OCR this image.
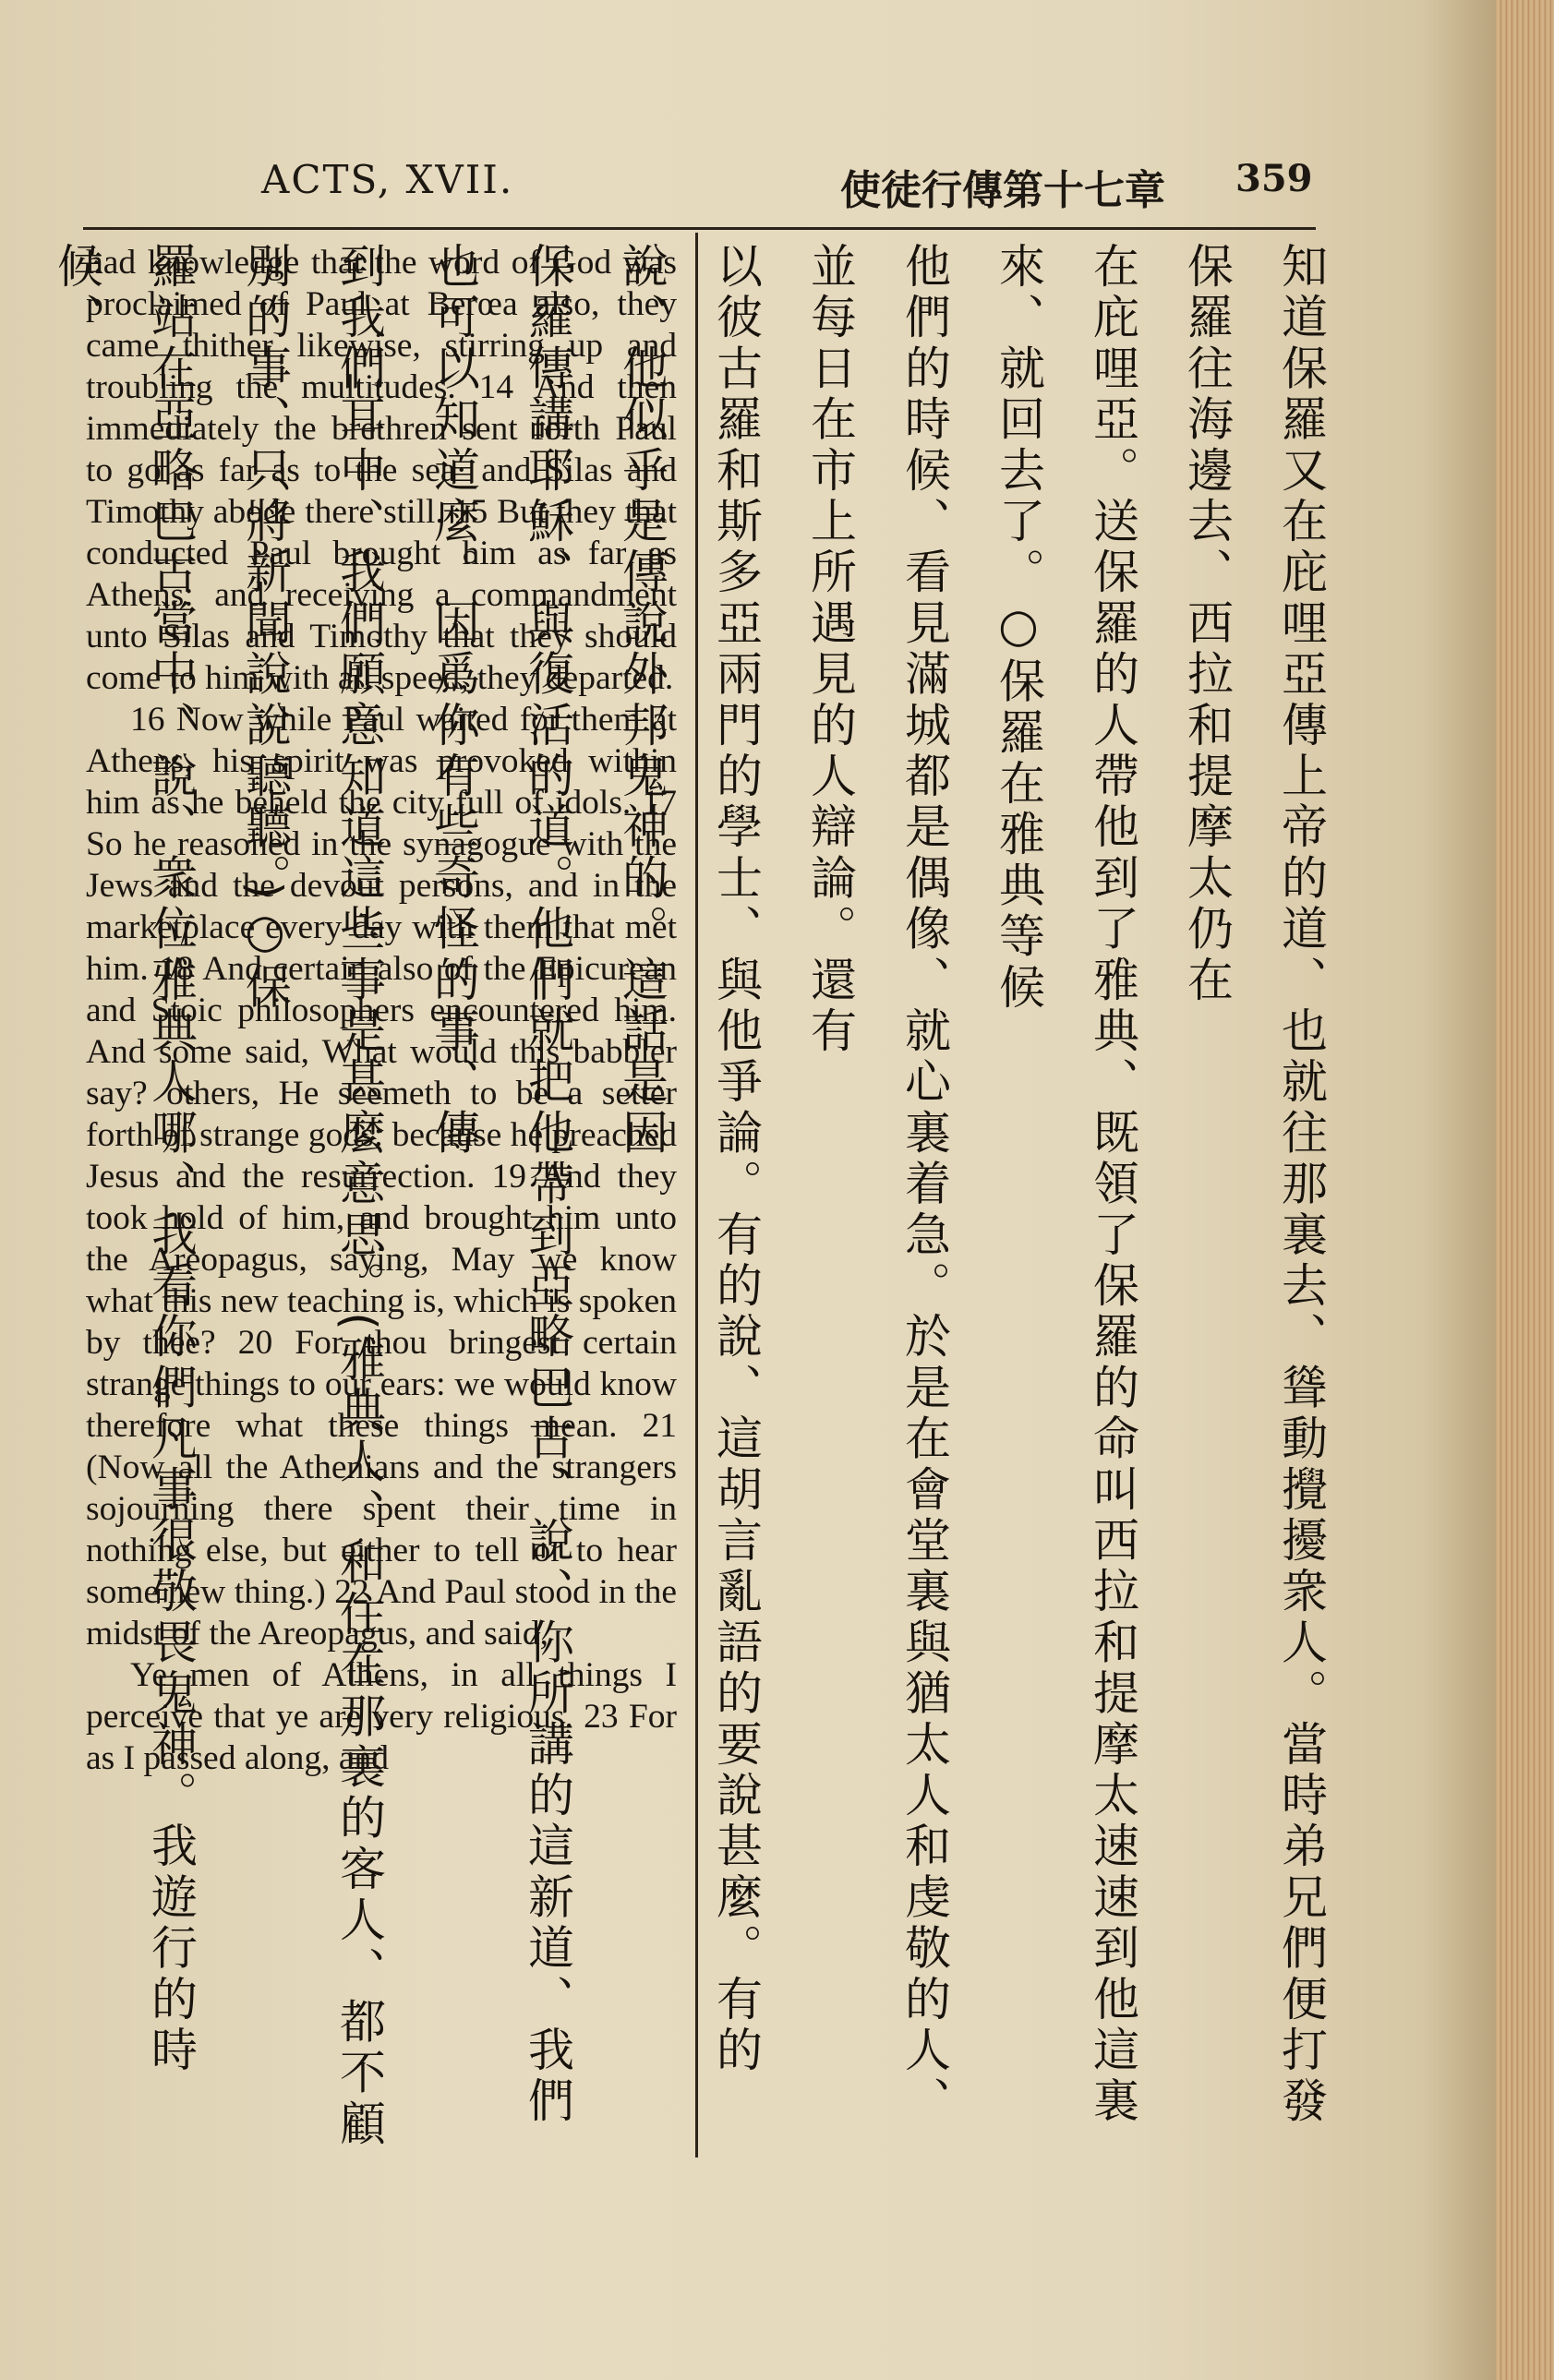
ACTS, XVII.	使徒行傳第十七章 359

had knowledge that the word of God was proclaimed of Paul at Berœa also, they came thither likewise, stirring up and troubling the multitudes. 14 And then immediately the brethren sent forth Paul to go as far as to the sea· and Silas and Timothy abode there still. 15 But they that conducted Paul brought him as far as Athens: and receiving a commandment unto Silas and Timothy that they should come to him with all speed, they departed.

16 Now while Paul waited for them at Athens, his spirit was provoked within him as he beheld the city full of idols. 17 So he reasoned in the synagogue with the Jews and the devout persons, and in the marketplace every day with them that met him. 18 And certain also of the Epicurean and Stoic philosophers encountered him. And some said, What would this babbler say? others, He seemeth to be a setter forth of strange gods: because he preached Jesus and the resurrection. 19 And they took hold of him, and brought him unto the Areopagus, saying, May we know what this new teaching is, which is spoken by thee? 20 For thou bringest certain strange things to our ears: we would know therefore what these things mean. 21 (Now all the Athenians and the strangers sojourning there spent their time in nothing else, but either to tell or to hear some new thing.) 22 And Paul stood in the midst of the Areopagus, and said,

Ye men of Athens, in all things I perceive that ye are very religious. 23 For as I passed along, and	知道保羅又在庇哩亞傳上帝的道、也就往那裏去、聳動攪擾衆人。當時弟兄們便打發保羅往海邊去、西拉和提摩太仍在
在庇哩亞。送保羅的人帶他到了雅典、既領了保羅的命叫西拉和提摩太速速到他這裏來、就回去了。○保羅在雅典等候
他們的時候、看見滿城都是偶像、就心裏着急。於是在會堂裏與猶太人和虔敬的人、並每日在市上所遇見的人辯論。還有
以彼古羅和斯多亞兩門的學士、與他爭論。有的說、這胡言亂語的要說甚麼。有的說、他似乎是傳說外邦鬼神的。這話是因
保羅傳講耶穌、與復活的道。他們就把他帶到亞略巴古、說、你所講的這新道、我們也可以知道麼。因爲你有些奇怪的事、傳
到我們耳中、我們願意知道這些事是甚麼意思。(雅典人、和住在那裏的客人、都不顧別的事、只將新聞說說聽聽。)○保
羅站在亞略巴古當中、說、衆位雅典人哪、我看你們凡事很敬畏鬼神。我遊行的時候、
